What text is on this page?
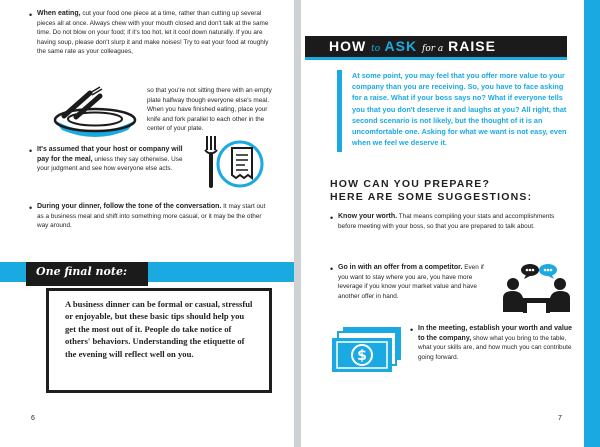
• When eating, cut your food one piece at a time, rather than cutting up several pieces all at once. Always chew with your mouth closed and don't talk at the same time. Do not blow on your food; if it's too hot, let it cool down naturally. If you are having soup, please don't slurp it and make noises! Try to eat your food at roughly the same rate as your colleagues,

so that you're not sitting there with an empty plate halfway though everyone else's meal. When you have finished eating, place your knife and fork parallel to each other in the center of your plate.

• It's assumed that your host or company will pay for the meal, unless they say otherwise. Use your judgment and see how everyone else acts.

• During your dinner, follow the tone of the conversation. It may start out as a business meal and shift into something more casual, or it may be the other way around.

One final note:

A business dinner can be formal or casual, stressful or enjoyable, but these basic tips should help you get the most out of it. People do take notice of others' behaviors. Understanding the etiquette of the evening will reflect well on you.

6
HOW to ASK for a RAISE

At some point, you may feel that you offer more value to your company than you are receiving. So, you have to face asking for a raise. What if your boss says no? What if everyone tells you that you don't deserve it and laughs at you? All right, that second scenario is not likely, but the thought of it is an uncomfortable one. Asking for what we want is not easy, even when we feel we deserve it.

HOW CAN YOU PREPARE?
HERE ARE SOME SUGGESTIONS:

• Know your worth. That means compiling your stats and accomplishments before meeting with your boss, so that you are prepared to talk about.

• Go in with an offer from a competitor. Even if you want to stay where you are, you have more leverage if you know your market value and have another offer in hand.

$
• In the meeting, establish your worth and value to the company, show what you bring to the table, what your skills are, and how much you can contribute going forward.

7
